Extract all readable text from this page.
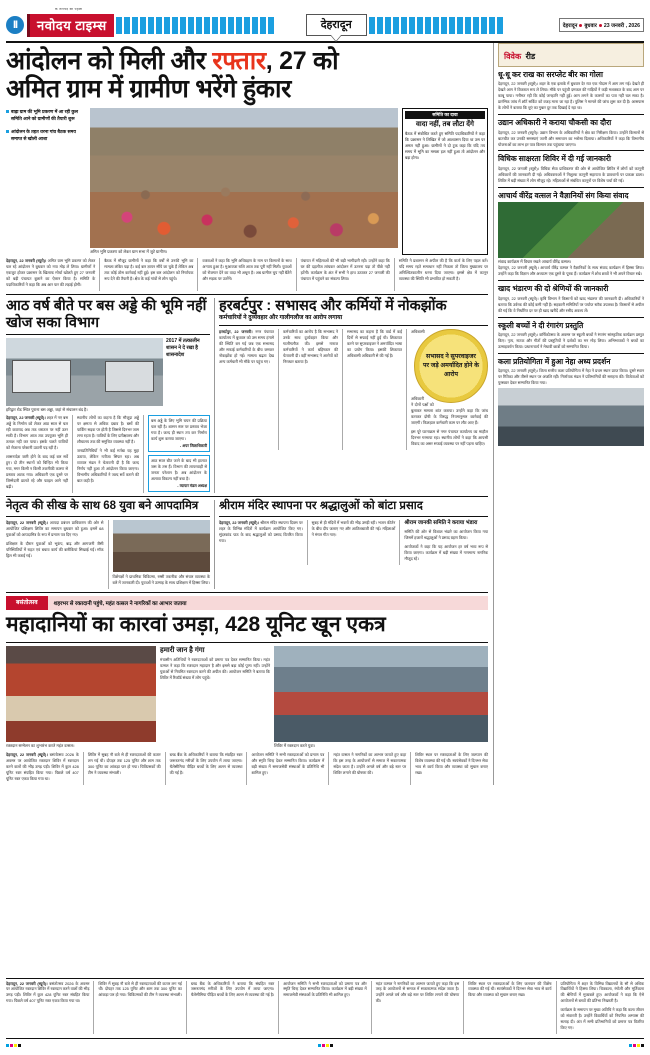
II
क जनपद का पहला
नवोदय टाइम्स	देहरादून	देहरादून बुधवार 23 जनवरी , 2026
आंदोलन को मिली और रफ्तार, 27 को
अमित ग्राम में ग्रामीण भरेंगे हुंकार
बाह्रा ग्राम की भूमि प्रकरण में आ रही कुल समिति आने को ग्रामीणों की तैयारी शुरू
आंदोलन के तहत धरना गांव बैठक समय समाप्त से खोली आशा
अमित भूमि प्रकरण को लेकर ग्राम सभा में जुटे ग्रामीण।
समिति का दावा
वादा नहीं, तब लौटा देंगे
बैठक में संबोधित करते हुए समिति पदाधिकारियों ने कहा कि प्रशासन ने लिखित में जो आश्वासन दिया था उस पर अमल नहीं हुआ। ग्रामीणों ने दो टूक कहा कि यदि तय समय में भूमि का मसला हल नहीं हुआ तो आंदोलन और बड़ा होगा।

देहरादून, 22 जनवरी (ब्यूरो)। अमित ग्राम भूमि प्रकरण को लेकर चल रहे आंदोलन ने बुधवार को नया मोड़ ले लिया। ग्रामीणों ने एकजुट होकर प्रशासन के खिलाफ मोर्चा खोलते हुए 27 जनवरी को बड़ी पंचायत बुलाने का ऐलान किया है। समिति के पदाधिकारियों ने कहा कि अब आर पार की लड़ाई होगी।

बैठक में मौजूद ग्रामीणों ने कहा कि वर्षों से उनकी भूमि का मामला लंबित पड़ा है। कई बार ज्ञापन सौंपे जा चुके हैं लेकिन अब तक कोई ठोस कार्रवाई नहीं हुई। इस बार आंदोलन को निर्णायक रूप देने की तैयारी है। क्षेत्र के कई गांवों से लोग पहुंचे।

वक्ताओं ने कहा कि भूमि अधिग्रहण के नाम पर किसानों के साथ अन्याय हुआ है। मुआवजा राशि आज तक पूरी नहीं मिली। युवाओं को रोजगार देने का वादा भी अधूरा है। अब ग्रामीण चुप नहीं बैठेंगे और सड़क पर उतरेंगे।

पंचायत में महिलाओं की भी बड़ी भागीदारी रही। उन्होंने कहा कि घर की दहलीज लांघकर आंदोलन में उतरना पड़ा तो पीछे नहीं हटेंगी। कार्यक्रम के अंत में सभी ने हाथ उठाकर 27 जनवरी की पंचायत में पहुंचने का संकल्प लिया।

समिति ने प्रशासन से अपील की है कि वार्ता के लिए पहल करें। यदि समय रहते समाधान नहीं निकला तो जिला मुख्यालय पर अनिश्चितकालीन धरना दिया जाएगा। इससे क्षेत्र में कानून व्यवस्था की स्थिति भी प्रभावित हो सकती है।

आठ वर्ष बीते पर बस अड्डे की भूमि नहीं खोज सका विभाग
हरिद्वार रोड स्थित पुराना बस अड्डा, जहां से संचालन बंद है।
2017 में तत्कालीन शासन ने दे रखा है शासनादेश

देहरादून, 22 जनवरी (ब्यूरो)। शहर में नए बस अड्डे के निर्माण को लेकर आठ साल से चल रही कवायद अब तक धरातल पर नहीं उतर सकी है। विभाग आज तक उपयुक्त भूमि ही तलाश नहीं कर पाया। इसके चलते यात्रियों को रोजाना परेशानी उठानी पड़ रही है।

शासनादेश जारी होने के बाद कई बार सर्वे हुए। दो तीन स्थानों को चिन्हित भी किया गया, मगर किसी न किसी तकनीकी कारण से प्रस्ताव अटक गया। अधिकारी एक दूसरे पर जिम्मेदारी डालते रहे और फाइल आगे नहीं बढ़ी।

स्थानीय लोगों का कहना है कि मौजूदा अड्डे पर क्षमता से अधिक दबाव है। बसों की पार्किंग सड़क पर होती है जिससे दिनभर जाम लगा रहता है। यात्रियों के लिए प्रतीक्षालय और शौचालय तक की समुचित व्यवस्था नहीं है।

जनप्रतिनिधियों ने भी कई मर्तबा यह मुद्दा उठाया, लेकिन नतीजा सिफर रहा। अब व्यापार मंडल ने चेतावनी दी है कि जल्द निर्णय नहीं हुआ तो आंदोलन किया जाएगा। विभागीय अधिकारियों ने जल्द सर्वे कराने की बात कही है।

बस अड्डे के लिए भूमि चयन की प्रक्रिया चल रही है। शासन स्तर पर प्रस्ताव भेजा गया है। जल्द ही स्थान तय कर निर्माण कार्य शुरू कराया जाएगा।
- अपर जिलाधिकारी
आठ साल बीत जाने के बाद भी हालात जस के तस हैं। विभाग की लापरवाही से जनता परेशान है। अब आंदोलन के अलावा विकल्प नहीं बचा है।
- व्यापार मंडल अध्यक्ष
हरबर्टपुर : सभासद और कर्मियों में नोकझोंक
कर्मचारियों ने दुर्व्यवहार और गालीगलौज का आरोप लगाया

हरबर्टपुर, 22 जनवरी। नगर पंचायत कार्यालय में बुधवार को उस समय हंगामे की स्थिति बन गई जब एक सभासद और सफाई कर्मचारियों के बीच जमकर नोकझोंक हो गई। मामला बढ़ता देख अन्य कर्मचारी भी मौके पर पहुंच गए।

कर्मचारियों का आरोप है कि सभासद ने उनके साथ दुर्व्यवहार किया और गालीगलौज की। इससे नाराज कर्मचारियों ने कार्य बहिष्कार की चेतावनी दी। वहीं सभासद ने आरोपों को निराधार बताया है।

सभासद का कहना है कि वार्ड में कई दिनों से सफाई नहीं हुई थी। शिकायत करने पर सुपरवाइजर ने अमर्यादित भाषा का प्रयोग किया। इसकी शिकायत अधिशासी अधिकारी से की गई है।	सभासद ने सुपरवाइजर पर जड़े अमर्यादित होने के आरोप

अधिशासी अधिकारी ने दोनों पक्षों को बुलाकर मामला शांत कराया। उन्होंने कहा कि जांच कराकर दोषी के विरुद्ध नियमानुसार कार्रवाई की जाएगी। फिलहाल कर्मचारी काम पर लौट आए हैं।

इस पूरे घटनाक्रम से नगर पंचायत कार्यालय का माहौल दिनभर गरमाया रहा। स्थानीय लोगों ने कहा कि आपसी विवाद का असर सफाई व्यवस्था पर नहीं पड़ना चाहिए।

नेतृत्व की सीख के साथ 68 युवा बने आपदामित्र

देहरादून, 22 जनवरी (ब्यूरो)। आपदा प्रबंधन प्राधिकरण की ओर से आयोजित प्रशिक्षण शिविर का समापन बुधवार को हुआ। इसमें 68 युवाओं को आपदामित्र के रूप में प्रमाण पत्र दिए गए।

प्रशिक्षण के दौरान युवाओं को भूकंप, बाढ़ और आगजनी जैसी परिस्थितियों में राहत एवं बचाव कार्य की बारीकियां सिखाई गईं। मॉक ड्रिल भी कराई गई।

विशेषज्ञों ने प्राथमिक चिकित्सा, रस्सी तकनीक और संचार व्यवस्था के बारे में जानकारी दी। युवाओं ने उत्साह के साथ प्रशिक्षण में हिस्सा लिया।

श्रीराम मंदिर स्थापना पर श्रद्धालुओं को बांटा प्रसाद

देहरादून, 22 जनवरी (ब्यूरो)। श्रीराम मंदिर स्थापना दिवस पर शहर के विभिन्न मंदिरों में कार्यक्रम आयोजित किए गए। सुंदरकांड पाठ के बाद श्रद्धालुओं को प्रसाद वितरित किया गया।

सुबह से ही मंदिरों में भक्तों की भीड़ उमड़ी रही। भजन कीर्तन के बीच दीप जलाए गए और आतिशबाजी की गई। महिलाओं ने मंगल गीत गाए।

श्रीराम जानकी समिति ने कराया भंडारा

समिति की ओर से विशाल भंडारे का आयोजन किया गया जिसमें हजारों श्रद्धालुओं ने प्रसाद ग्रहण किया।

आयोजकों ने कहा कि यह आयोजन हर वर्ष भव्य रूप से किया जाएगा। कार्यक्रम में बड़ी संख्या में गणमान्य नागरिक मौजूद रहे।

बसंतोत्सव	शहरभर से रक्तदानी पहुंचे, महंत वत्सल ने नागरिकों का आभार जताया
महादानियों का कारवां उमड़ा, 428 यूनिट खून एकत्र
रक्तदान सम्मेलन का शुभारंभ करते महंत वत्सल।
हमारी जान है गंगा
मंचासीन अतिथियों ने रक्तदाताओं को प्रमाण पत्र देकर सम्मानित किया। महंत वत्सल ने कहा कि रक्तदान महादान है और इससे बड़ा कोई पुण्य नहीं। उन्होंने युवाओं से नियमित रक्तदान करने की अपील की। आयोजन समिति ने बताया कि शिविर में रिकॉर्ड संख्या में लोग पहुंचे।
शिविर में रक्तदान करते युवा।

देहरादून, 22 जनवरी (ब्यूरो)। बसंतोत्सव 2026 के अवसर पर आयोजित रक्तदान शिविर में रक्तदान करने वालों की भीड़ उमड़ पड़ी। शिविर में कुल 428 यूनिट रक्त संग्रहित किया गया। पिछले वर्ष 407 यूनिट रक्त एकत्र किया गया था।

शिविर में सुबह नौ बजे से ही रक्तदाताओं की कतार लग गई थी। दोपहर तक 125 यूनिट और शाम तक 300 यूनिट का आंकड़ा पार हो गया। चिकित्सकों की टीम ने व्यवस्था संभाली।

ब्लड बैंक के अधिकारियों ने बताया कि संग्रहित रक्त जरूरतमंद मरीजों के लिए उपयोग में लाया जाएगा। थैलेसीमिया पीड़ित बच्चों के लिए अलग से व्यवस्था की गई है।

आयोजन समिति ने सभी रक्तदाताओं को प्रमाण पत्र और स्मृति चिन्ह देकर सम्मानित किया। कार्यक्रम में बड़ी संख्या में समाजसेवी संस्थाओं के प्रतिनिधि भी शामिल हुए।

महंत वत्सल ने नागरिकों का आभार जताते हुए कहा कि इस तरह के आयोजनों से समाज में सकारात्मक संदेश जाता है। उन्होंने अगले वर्ष और बड़े स्तर पर शिविर लगाने की घोषणा की।

शिविर स्थल पर रक्तदाताओं के लिए जलपान की विशेष व्यवस्था की गई थी। स्वयंसेवकों ने दिनभर सेवा भाव से कार्य किया और व्यवस्था को सुचारु बनाए रखा।

विवेक रीड
धू-धू कर राख का सरप्लेट बीर का गोला
देहरादून, 22 जनवरी (ब्यूरो)। शहर के एक इलाके में बुधवार देर रात एक गोदाम में आग लग गई। देखते ही देखते आग ने विकराल रूप ले लिया। मौके पर पहुंची दमकल की गाड़ियों ने कड़ी मशक्कत के बाद आग पर काबू पाया। गनीमत रही कि कोई जनहानि नहीं हुई। आग लगने के कारणों का पता नहीं चल सका है। प्रारंभिक जांच में शॉर्ट सर्किट को वजह माना जा रहा है। पुलिस ने मामले की जांच शुरू कर दी है। आसपास के लोगों ने बताया कि धुएं का गुबार दूर तक दिखाई दे रहा था।
उद्यान अधिकारी ने कराया चौकसी का दौरा
देहरादून, 22 जनवरी (ब्यूरो)। उद्यान विभाग के अधिकारियों ने क्षेत्र का निरीक्षण किया। उन्होंने किसानों से बातचीत कर उनकी समस्याएं जानीं और समाधान का भरोसा दिलाया। अधिकारियों ने कहा कि विभागीय योजनाओं का लाभ हर पात्र किसान तक पहुंचाया जाएगा।
विधिक साक्षरता शिविर में दी गई जानकारी
देहरादून, 22 जनवरी (ब्यूरो)। विधिक सेवा प्राधिकरण की ओर से आयोजित शिविर में लोगों को कानूनी अधिकारों की जानकारी दी गई। अधिवक्ताओं ने निशुल्क कानूनी सहायता के प्रावधानों पर प्रकाश डाला। शिविर में बड़ी संख्या में लोग मौजूद रहे। महिलाओं से संबंधित कानूनों पर विशेष चर्चा की गई।
आचार्य वीरेंद्र वत्सल ने वैज्ञानियों संग किया संवाद
संवाद कार्यक्रम में विचार रखते आचार्य वीरेंद्र वत्सल।
देहरादून, 22 जनवरी (ब्यूरो)। आचार्य वीरेंद्र वत्सल ने वैज्ञानिकों के साथ संवाद कार्यक्रम में हिस्सा लिया। उन्होंने कहा कि विज्ञान और अध्यात्म एक दूसरे के पूरक हैं। कार्यक्रम में शोध छात्रों ने भी अपने विचार रखे।
खाद भंडारण की दो श्रेणियों की जानकारी
देहरादून, 22 जनवरी (ब्यूरो)। कृषि विभाग ने किसानों को खाद भंडारण की जानकारी दी। अधिकारियों ने बताया कि उर्वरक की कोई कमी नहीं है। सहकारी समितियों पर पर्याप्त स्टॉक उपलब्ध है। किसानों से अपील की गई कि वे निर्धारित दर पर ही खाद खरीदें और रसीद अवश्य लें।
स्कूली बच्चों ने दी रंगारंग प्रस्तुति
देहरादून, 22 जनवरी (ब्यूरो)। वार्षिकोत्सव के अवसर पर स्कूली बच्चों ने रंगारंग सांस्कृतिक कार्यक्रम प्रस्तुत किए। नृत्य, नाटक और गीतों की प्रस्तुतियों ने दर्शकों का मन मोह लिया। अभिभावकों ने बच्चों का उत्साहवर्धन किया। प्रधानाचार्य ने मेधावी छात्रों को सम्मानित किया।
कला प्रतियोगिता में हुआ नेहा अध्य प्रदर्शन
देहरादून, 22 जनवरी (ब्यूरो)। जिला स्तरीय कला प्रतियोगिता में नेहा ने प्रथम स्थान प्राप्त किया। दूसरे स्थान पर रितिका और तीसरे स्थान पर अंजलि रहीं। निर्णायक मंडल ने प्रतिभागियों की सराहना की। विजेताओं को पुरस्कार देकर सम्मानित किया गया।

देहरादून, 22 जनवरी (ब्यूरो)। बसंतोत्सव 2026 के अवसर पर आयोजित रक्तदान शिविर में रक्तदान करने वालों की भीड़ उमड़ पड़ी। शिविर में कुल 428 यूनिट रक्त संग्रहित किया गया। पिछले वर्ष 407 यूनिट रक्त एकत्र किया गया था।

शिविर में सुबह नौ बजे से ही रक्तदाताओं की कतार लग गई थी। दोपहर तक 125 यूनिट और शाम तक 300 यूनिट का आंकड़ा पार हो गया। चिकित्सकों की टीम ने व्यवस्था संभाली।

ब्लड बैंक के अधिकारियों ने बताया कि संग्रहित रक्त जरूरतमंद मरीजों के लिए उपयोग में लाया जाएगा। थैलेसीमिया पीड़ित बच्चों के लिए अलग से व्यवस्था की गई है।

आयोजन समिति ने सभी रक्तदाताओं को प्रमाण पत्र और स्मृति चिन्ह देकर सम्मानित किया। कार्यक्रम में बड़ी संख्या में समाजसेवी संस्थाओं के प्रतिनिधि भी शामिल हुए।

महंत वत्सल ने नागरिकों का आभार जताते हुए कहा कि इस तरह के आयोजनों से समाज में सकारात्मक संदेश जाता है। उन्होंने अगले वर्ष और बड़े स्तर पर शिविर लगाने की घोषणा की।

शिविर स्थल पर रक्तदाताओं के लिए जलपान की विशेष व्यवस्था की गई थी। स्वयंसेवकों ने दिनभर सेवा भाव से कार्य किया और व्यवस्था को सुचारु बनाए रखा।

प्रतियोगिता में शहर के विभिन्न विद्यालयों के सौ से अधिक विद्यार्थियों ने हिस्सा लिया। चित्रकला, रंगोली और मूर्तिकला की श्रेणियों में मुकाबले हुए। आयोजकों ने कहा कि ऐसे आयोजनों से बच्चों की प्रतिभा निखरती है।

कार्यक्रम के समापन पर मुख्य अतिथि ने कहा कि कला जीवन को संवारती है। उन्होंने विद्यार्थियों को नियमित अभ्यास की सलाह दी। अंत में सभी प्रतिभागियों को प्रमाण पत्र वितरित किए गए।
